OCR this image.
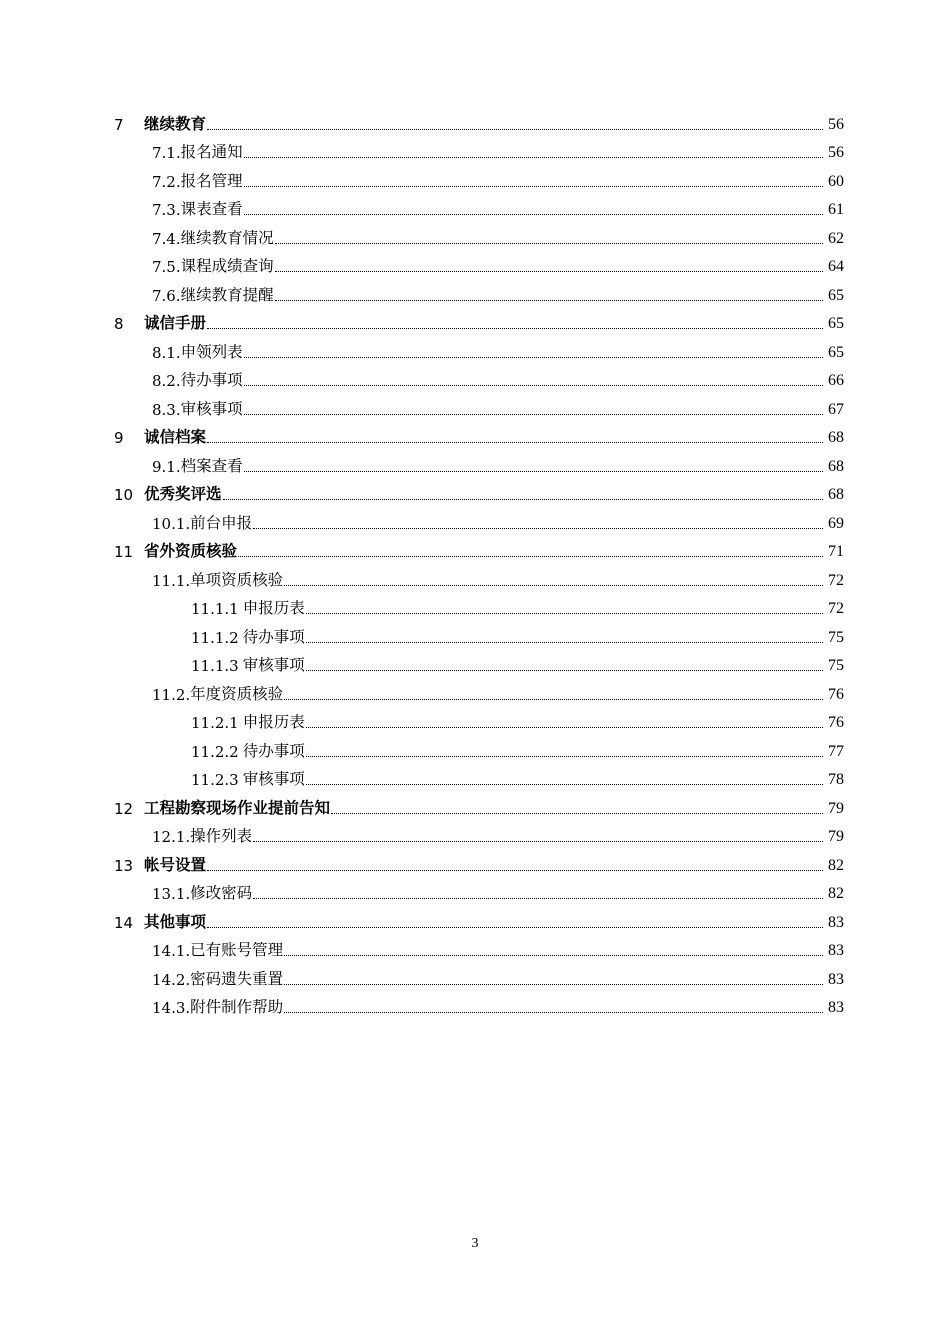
7	继续教育	56
7.1. 报名通知	56
7.2. 报名管理	60
7.3. 课表查看	61
7.4. 继续教育情况	62
7.5. 课程成绩查询	64
7.6. 继续教育提醒	65
8	诚信手册	65
8.1. 申领列表	65
8.2. 待办事项	66
8.3. 审核事项	67
9	诚信档案	68
9.1. 档案查看	68
10 优秀奖评选	68
10.1. 前台申报	69
11 省外资质核验	71
11.1. 单项资质核验	72
11.1.1 申报历表	72
11.1.2 待办事项	75
11.1.3 审核事项	75
11.2. 年度资质核验	76
11.2.1 申报历表	76
11.2.2 待办事项	77
11.2.3 审核事项	78
12 工程勘察现场作业提前告知	79
12.1. 操作列表	79
13 帐号设置	82
13.1. 修改密码	82
14 其他事项	83
14.1. 已有账号管理	83
14.2. 密码遗失重置	83
14.3. 附件制作帮助	83
3
